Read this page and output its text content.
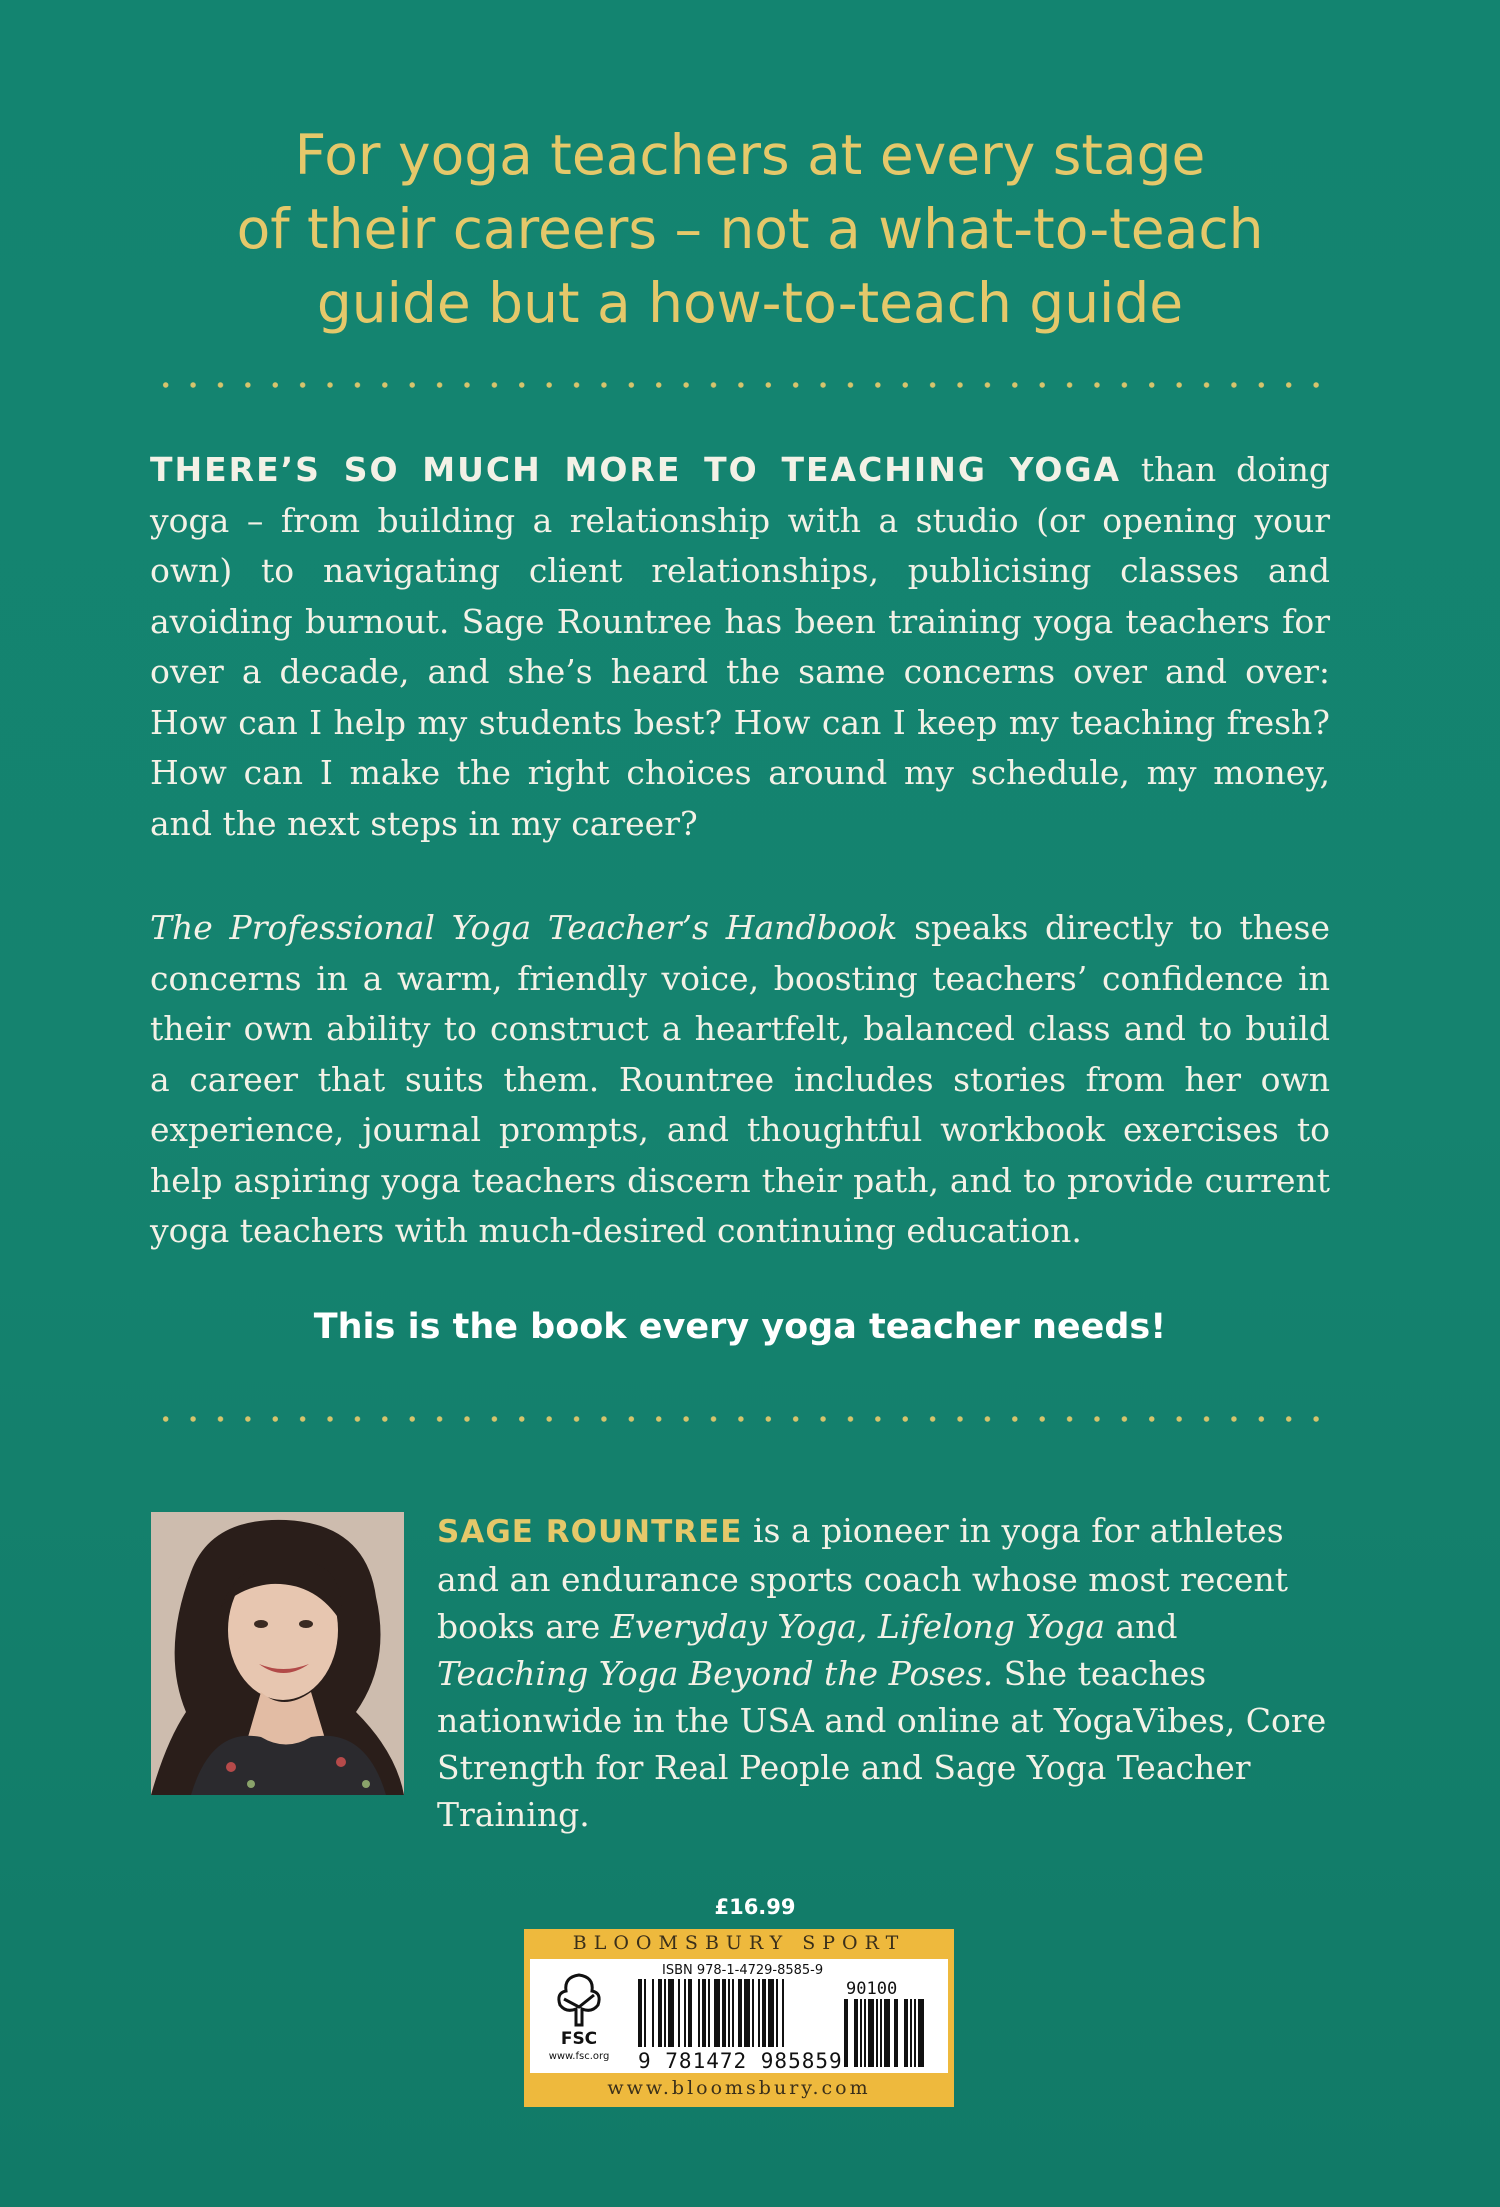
For yoga teachers at every stage
of their careers – not a what-to-teach
guide but a how-to-teach guide
THERE’S SO MUCH MORE TO TEACHING YOGA than doing yoga – from building a relationship with a studio (or opening your own) to navigating client relationships, publicising classes and avoiding burnout. Sage Rountree has been training yoga teachers for over a decade, and she’s heard the same concerns over and over: How can I help my students best? How can I keep my teaching fresh? How can I make the right choices around my schedule, my money, and the next steps in my career?
The Professional Yoga Teacher’s Handbook speaks directly to these concerns in a warm, friendly voice, boosting teachers’ confidence in their own ability to construct a heartfelt, balanced class and to build a career that suits them. Rountree includes stories from her own experience, journal prompts, and thoughtful workbook exercises to help aspiring yoga teachers discern their path, and to provide current yoga teachers with much-desired continuing education.
This is the book every yoga teacher needs!
SAGE ROUNTREE is a pioneer in yoga for athletes and an endurance sports coach whose most recent books are Everyday Yoga, Lifelong Yoga and Teaching Yoga Beyond the Poses. She teaches nationwide in the USA and online at YogaVibes, Core Strength for Real People and Sage Yoga Teacher Training.
£16.99
BLOOMSBURY SPORT
FSC
www.fsc.org
ISBN 978-1-4729-8585-9
90100
9 781472 985859
www.bloomsbury.com
